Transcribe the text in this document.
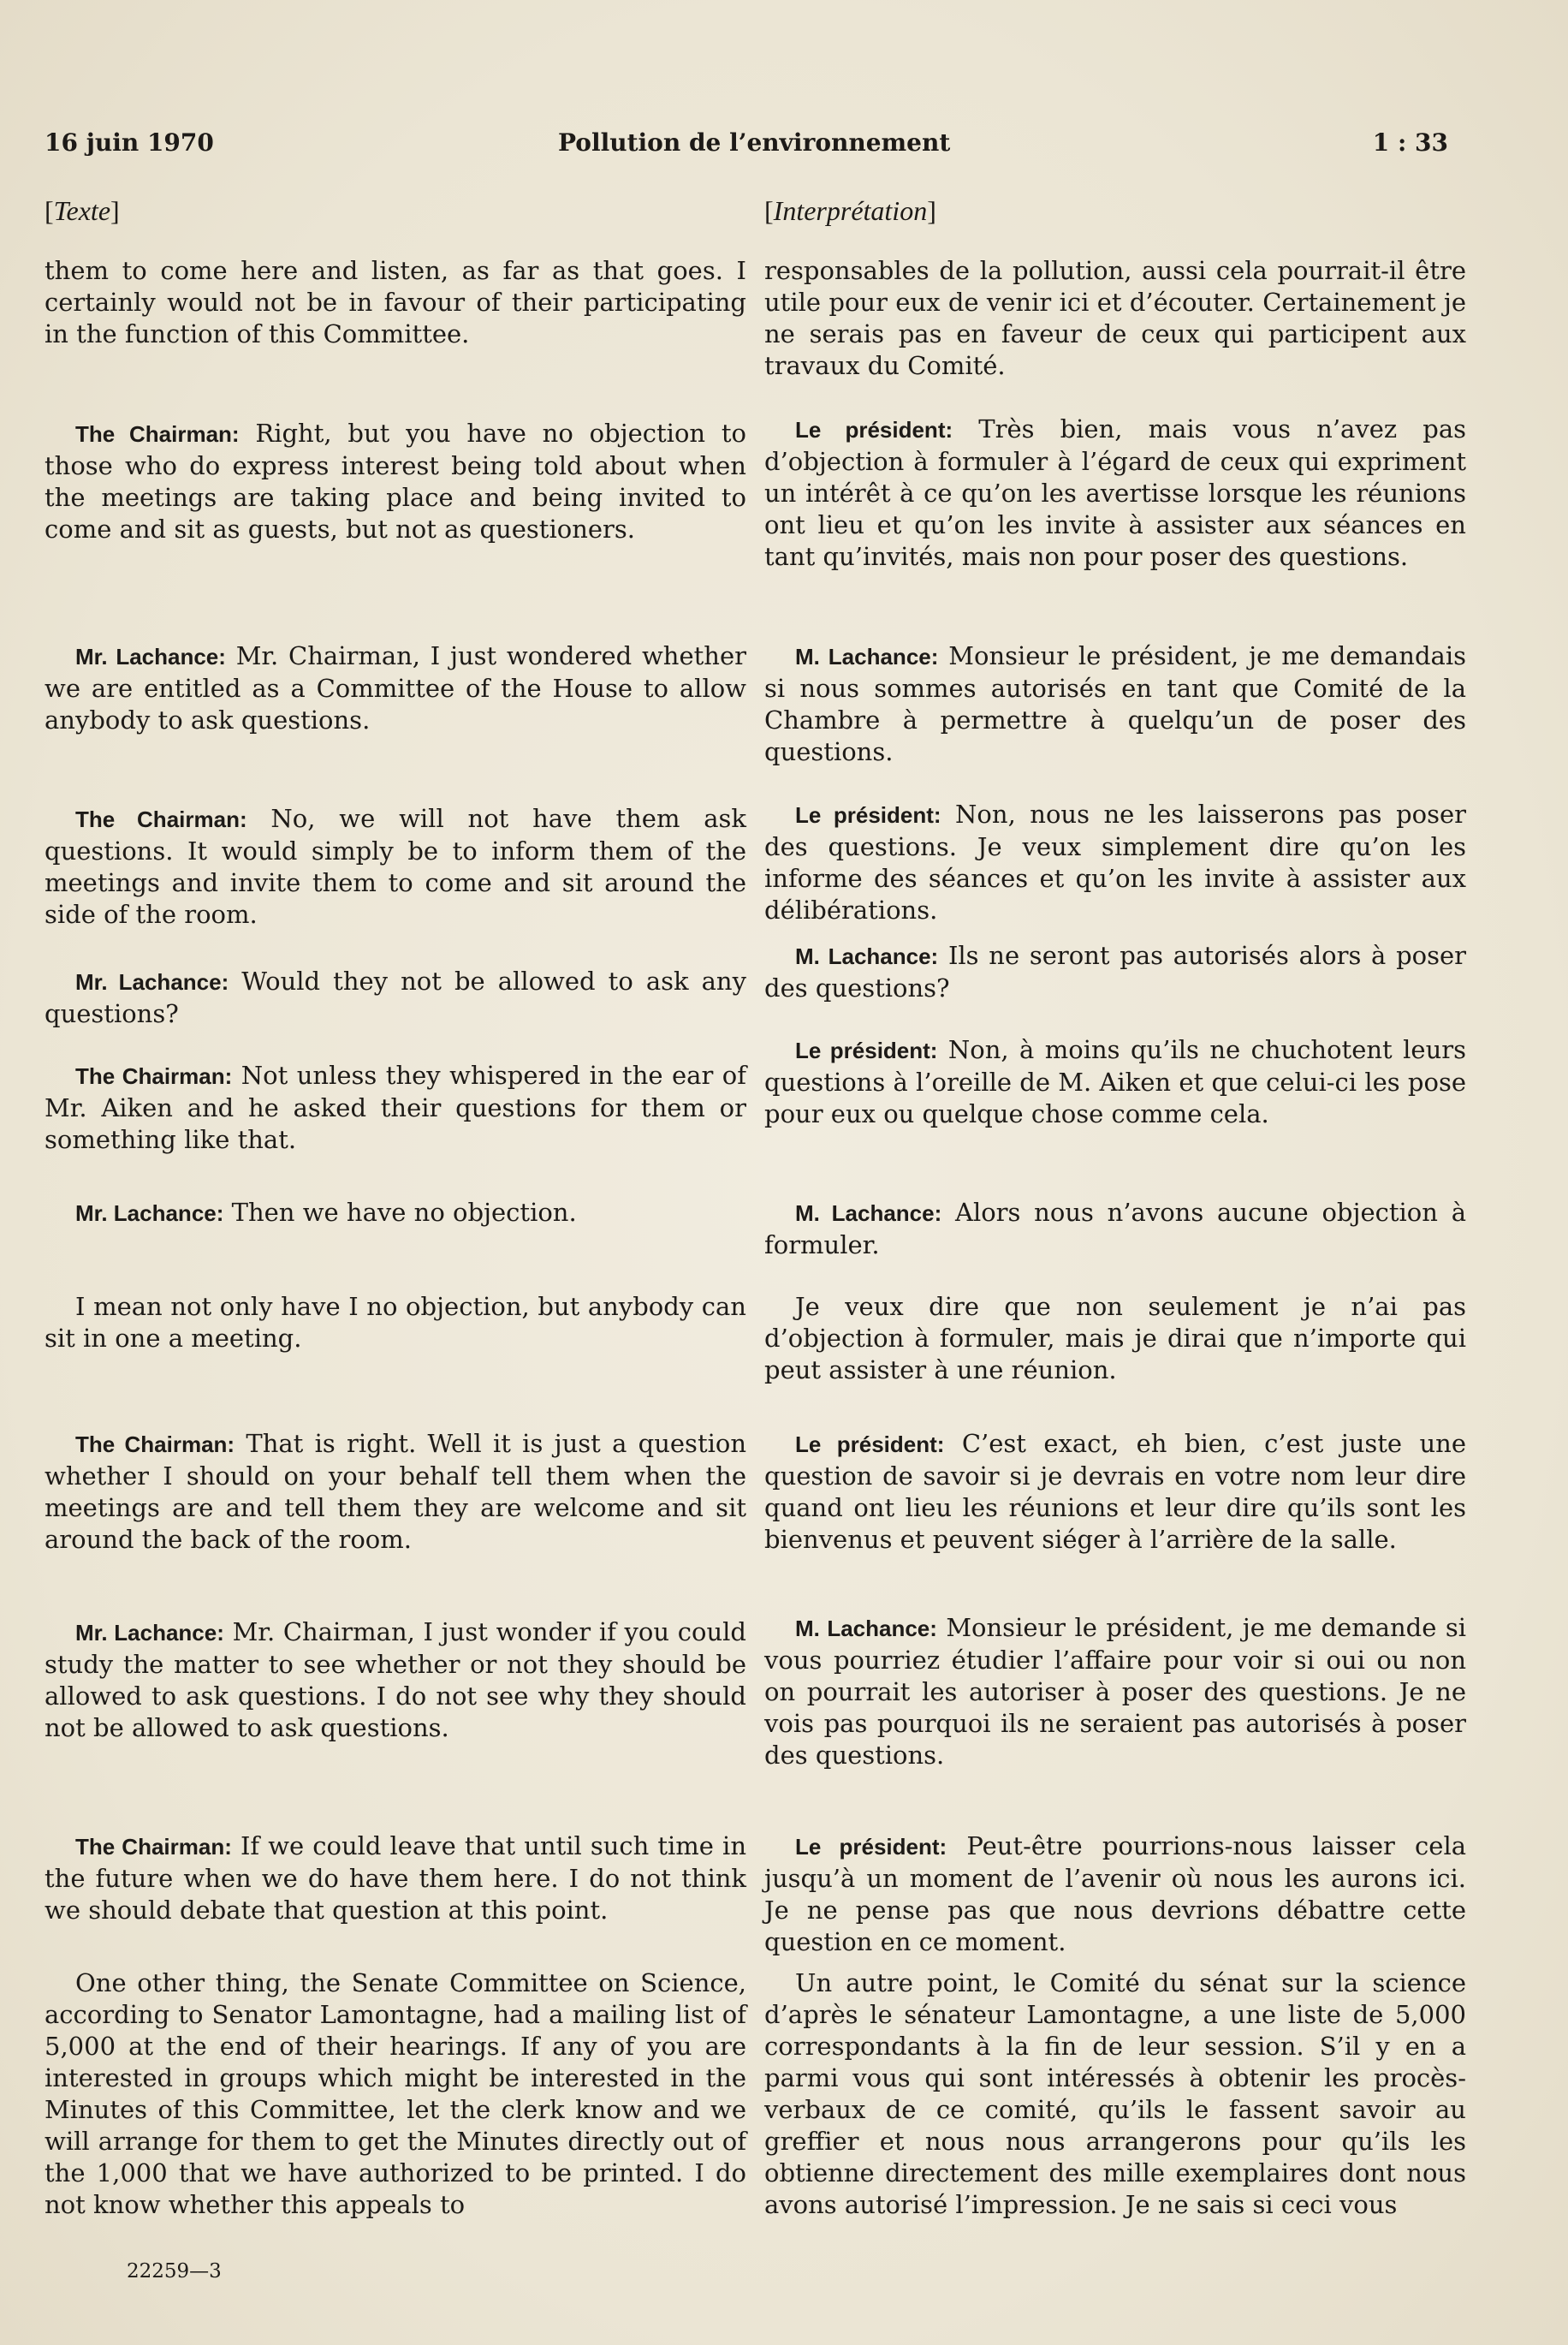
16 juin 1970	Pollution de l’environnement	1 : 33
[Texte]

them to come here and listen, as far as that goes. I certainly would not be in favour of their participating in the function of this Committee.

The Chairman: Right, but you have no objection to those who do express interest being told about when the meetings are taking place and being invited to come and sit as guests, but not as questioners.

Mr. Lachance: Mr. Chairman, I just wondered whether we are entitled as a Committee of the House to allow anybody to ask questions.

The Chairman: No, we will not have them ask questions. It would simply be to inform them of the meetings and invite them to come and sit around the side of the room.

Mr. Lachance: Would they not be allowed to ask any questions?

The Chairman: Not unless they whispered in the ear of Mr. Aiken and he asked their questions for them or something like that.

Mr. Lachance: Then we have no objection.

I mean not only have I no objection, but anybody can sit in one a meeting.

The Chairman: That is right. Well it is just a question whether I should on your behalf tell them when the meetings are and tell them they are welcome and sit around the back of the room.

Mr. Lachance: Mr. Chairman, I just wonder if you could study the matter to see whether or not they should be allowed to ask questions. I do not see why they should not be allowed to ask questions.

The Chairman: If we could leave that until such time in the future when we do have them here. I do not think we should debate that question at this point.

One other thing, the Senate Committee on Science, according to Senator Lamontagne, had a mailing list of 5,000 at the end of their hearings. If any of you are interested in groups which might be interested in the Minutes of this Committee, let the clerk know and we will arrange for them to get the Minutes directly out of the 1,000 that we have authorized to be printed. I do not know whether this appeals to

[Interprétation]

responsables de la pollution, aussi cela pourrait-il être utile pour eux de venir ici et d’écouter. Certainement je ne serais pas en faveur de ceux qui participent aux travaux du Comité.

Le président: Très bien, mais vous n’avez pas d’objection à formuler à l’égard de ceux qui expriment un intérêt à ce qu’on les avertisse lorsque les réunions ont lieu et qu’on les invite à assister aux séances en tant qu’invités, mais non pour poser des questions.

M. Lachance: Monsieur le président, je me demandais si nous sommes autorisés en tant que Comité de la Chambre à permettre à quelqu’un de poser des questions.

Le président: Non, nous ne les laisserons pas poser des questions. Je veux simplement dire qu’on les informe des séances et qu’on les invite à assister aux délibérations.

M. Lachance: Ils ne seront pas autorisés alors à poser des questions?

Le président: Non, à moins qu’ils ne chuchotent leurs questions à l’oreille de M. Aiken et que celui-ci les pose pour eux ou quelque chose comme cela.

M. Lachance: Alors nous n’avons aucune objection à formuler.

Je veux dire que non seulement je n’ai pas d’objection à formuler, mais je dirai que n’importe qui peut assister à une réunion.

Le président: C’est exact, eh bien, c’est juste une question de savoir si je devrais en votre nom leur dire quand ont lieu les réunions et leur dire qu’ils sont les bienvenus et peuvent siéger à l’arrière de la salle.

M. Lachance: Monsieur le président, je me demande si vous pourriez étudier l’affaire pour voir si oui ou non on pourrait les autoriser à poser des questions. Je ne vois pas pourquoi ils ne seraient pas autorisés à poser des questions.

Le président: Peut-être pourrions-nous laisser cela jusqu’à un moment de l’avenir où nous les aurons ici. Je ne pense pas que nous devrions débattre cette question en ce moment.

Un autre point, le Comité du sénat sur la science d’après le sénateur Lamontagne, a une liste de 5,000 correspondants à la fin de leur session. S’il y en a parmi vous qui sont intéressés à obtenir les procès-verbaux de ce comité, qu’ils le fassent savoir au greffier et nous nous arrangerons pour qu’ils les obtienne directement des mille exemplaires dont nous avons autorisé l’impression. Je ne sais si ceci vous

22259—3
